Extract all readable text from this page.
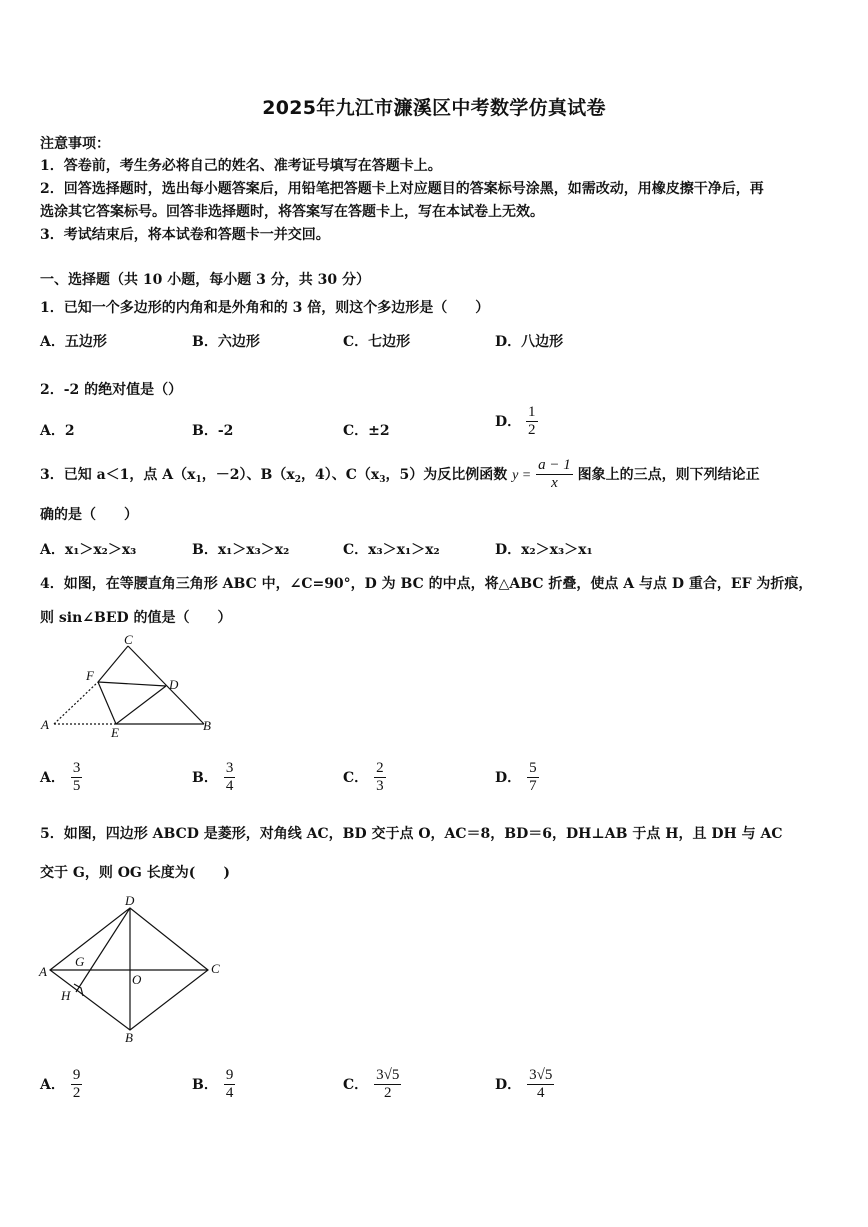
2025年九江市濂溪区中考数学仿真试卷
注意事项：
1．答卷前，考生务必将自己的姓名、准考证号填写在答题卡上。
2．回答选择题时，选出每小题答案后，用铅笔把答题卡上对应题目的答案标号涂黑，如需改动，用橡皮擦干净后，再
选涂其它答案标号。回答非选择题时，将答案写在答题卡上，写在本试卷上无效。
3．考试结束后，将本试卷和答题卡一并交回。
一、选择题（共 10 小题，每小题 3 分，共 30 分）
1．已知一个多边形的内角和是外角和的 3 倍，则这个多边形是（　　）
A．五边形	B．六边形	C．七边形	D．八边形
2．-2 的绝对值是（）
A．2	B．-2	C．±2
D． $\frac{1}{2}$
3．已知 a＜1，点 $A(x_1$，－2）、$B(x_2$，4）、$C(x_3$，5）为反比例函数 $y = \frac{a - 1}{x}$ 图象上的三点，则下列结论正
确的是（　　）
A．x₁＞x₂＞x₃	B．x₁＞x₃＞x₂	C．x₃＞x₁＞x₂	D．x₂＞x₃＞x₁
4．如图，在等腰直角三角形 ABC 中，∠C=90°，D 为 BC 的中点，将△ABC 折叠，使点 A 与点 D 重合，EF 为折痕，
则 sin∠BED 的值是（　　）
C
F
D
A
E	B
A． $\frac{3}{5}$	B． $\frac{3}{4}$	C． $\frac{2}{3}$	D． $\frac{5}{7}$
5．如图，四边形 ABCD 是菱形，对角线 AC，BD 交于点 O，AC＝8，BD＝6，DH⊥AB 于点 H，且 DH 与 AC
交于 G，则 OG 长度为(　　)
D
A
G
O
C
H
B
A． $\frac{9}{2}$	B． $\frac{9}{4}$	C． $\frac{3√5}{2}$	D． $\frac{3√5}{4}$
